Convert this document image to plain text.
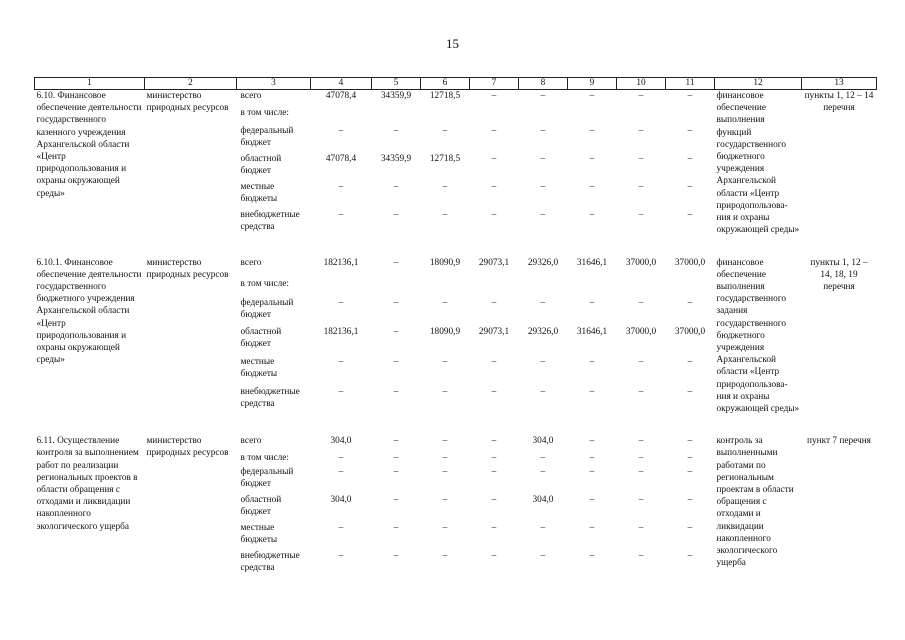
15
1	2	3	4	5	6	7	8	9	10	11	12	13
6.10. Финансовое обеспечение деятельности государственного казенного учреждения Архангельской области «Центр природопользования и охраны окружающей среды»	министерство природных ресурсов	всего	47078,4	34359,9	12718,5	–	–	–	–	–	финансовое обеспечение выполнения функций государственного бюджетного учреждения Архангельской области «Центр природопользова-ния и охраны окружающей среды»	пункты 1, 12 – 14 перечня
		в том числе:										
		федеральный бюджет	–	–	–	–	–	–	–	–		
		областной бюджет	47078,4	34359,9	12718,5	–	–	–	–	–		
		местные бюджеты	–	–	–	–	–	–	–	–		
		внебюджетные средства	–	–	–	–	–	–	–	–		

6.10.1. Финансовое обеспечение деятельности государственного бюджетного учреждения Архангельской области «Центр природопользования и охраны окружающей среды»	министерство природных ресурсов	всего	182136,1	–	18090,9	29073,1	29326,0	31646,1	37000,0	37000,0	финансовое обеспечение выполнения государственного задания государственного бюджетного учреждения Архангельской области «Центр природопользова-ния и охраны окружающей среды»	пункты 1, 12 – 14, 18, 19 перечня
		в том числе:										
		федеральный бюджет	–	–	–	–	–	–	–	–		
		областной бюджет	182136,1	–	18090,9	29073,1	29326,0	31646,1	37000,0	37000,0		
		местные бюджеты	–	–	–	–	–	–	–	–		
		внебюджетные средства	–	–	–	–	–	–	–	–		

6.11. Осуществление контроля за выполнением работ по реализации региональных проектов в области обращения с отходами и ликвидации накопленного экологического ущерба	министерство природных ресурсов	всего	304,0	–	–	–	304,0	–	–	–	контроль за выполненными работами по региональным проектам в области обращения с отходами и ликвидации накопленного экологического ущерба	пункт 7 перечня
		в том числе:	–	–	–	–	–	–	–	–		
		федеральный бюджет	–	–	–	–	–	–	–	–		
		областной бюджет	304,0	–	–	–	304,0	–	–	–		
		местные бюджеты	–	–	–	–	–	–	–	–		
		внебюджетные средства	–	–	–	–	–	–	–	–		
